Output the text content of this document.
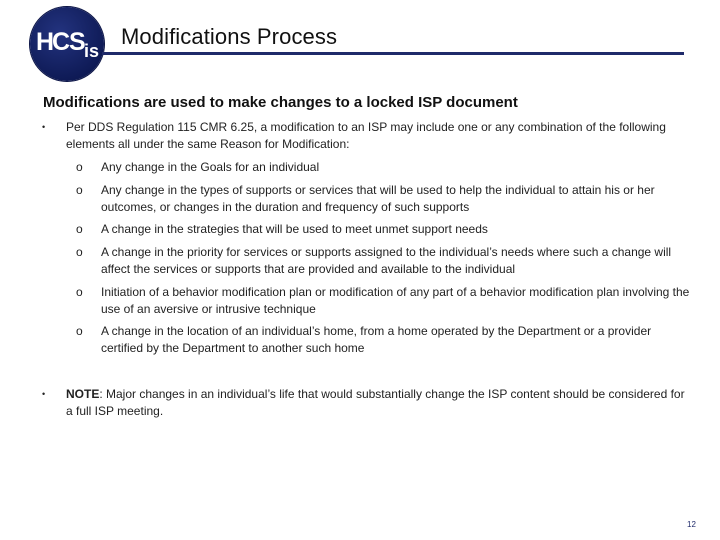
HC S
is
Modifications Process
Modifications are used to make changes to a locked ISP document
• Per DDS Regulation 115 CMR 6.25, a modification to an ISP may include one or any combination of the following elements all under the same Reason for Modification:
o Any change in the Goals for an individual
o Any change in the types of supports or services that will be used to help the individual to attain his or her outcomes, or changes in the duration and frequency of such supports
o A change in the strategies that will be used to meet unmet support needs
o A change in the priority for services or supports assigned to the individual’s needs where such a change will affect the services or supports that are provided and available to the individual
o Initiation of a behavior modification plan or modification of any part of a behavior modification plan involving the use of an aversive or intrusive technique
o A change in the location of an individual’s home, from a home operated by the Department or a provider certified by the Department to another such home
• NOTE: Major changes in an individual’s life that would substantially change the ISP content should be considered for a full ISP meeting.
12
